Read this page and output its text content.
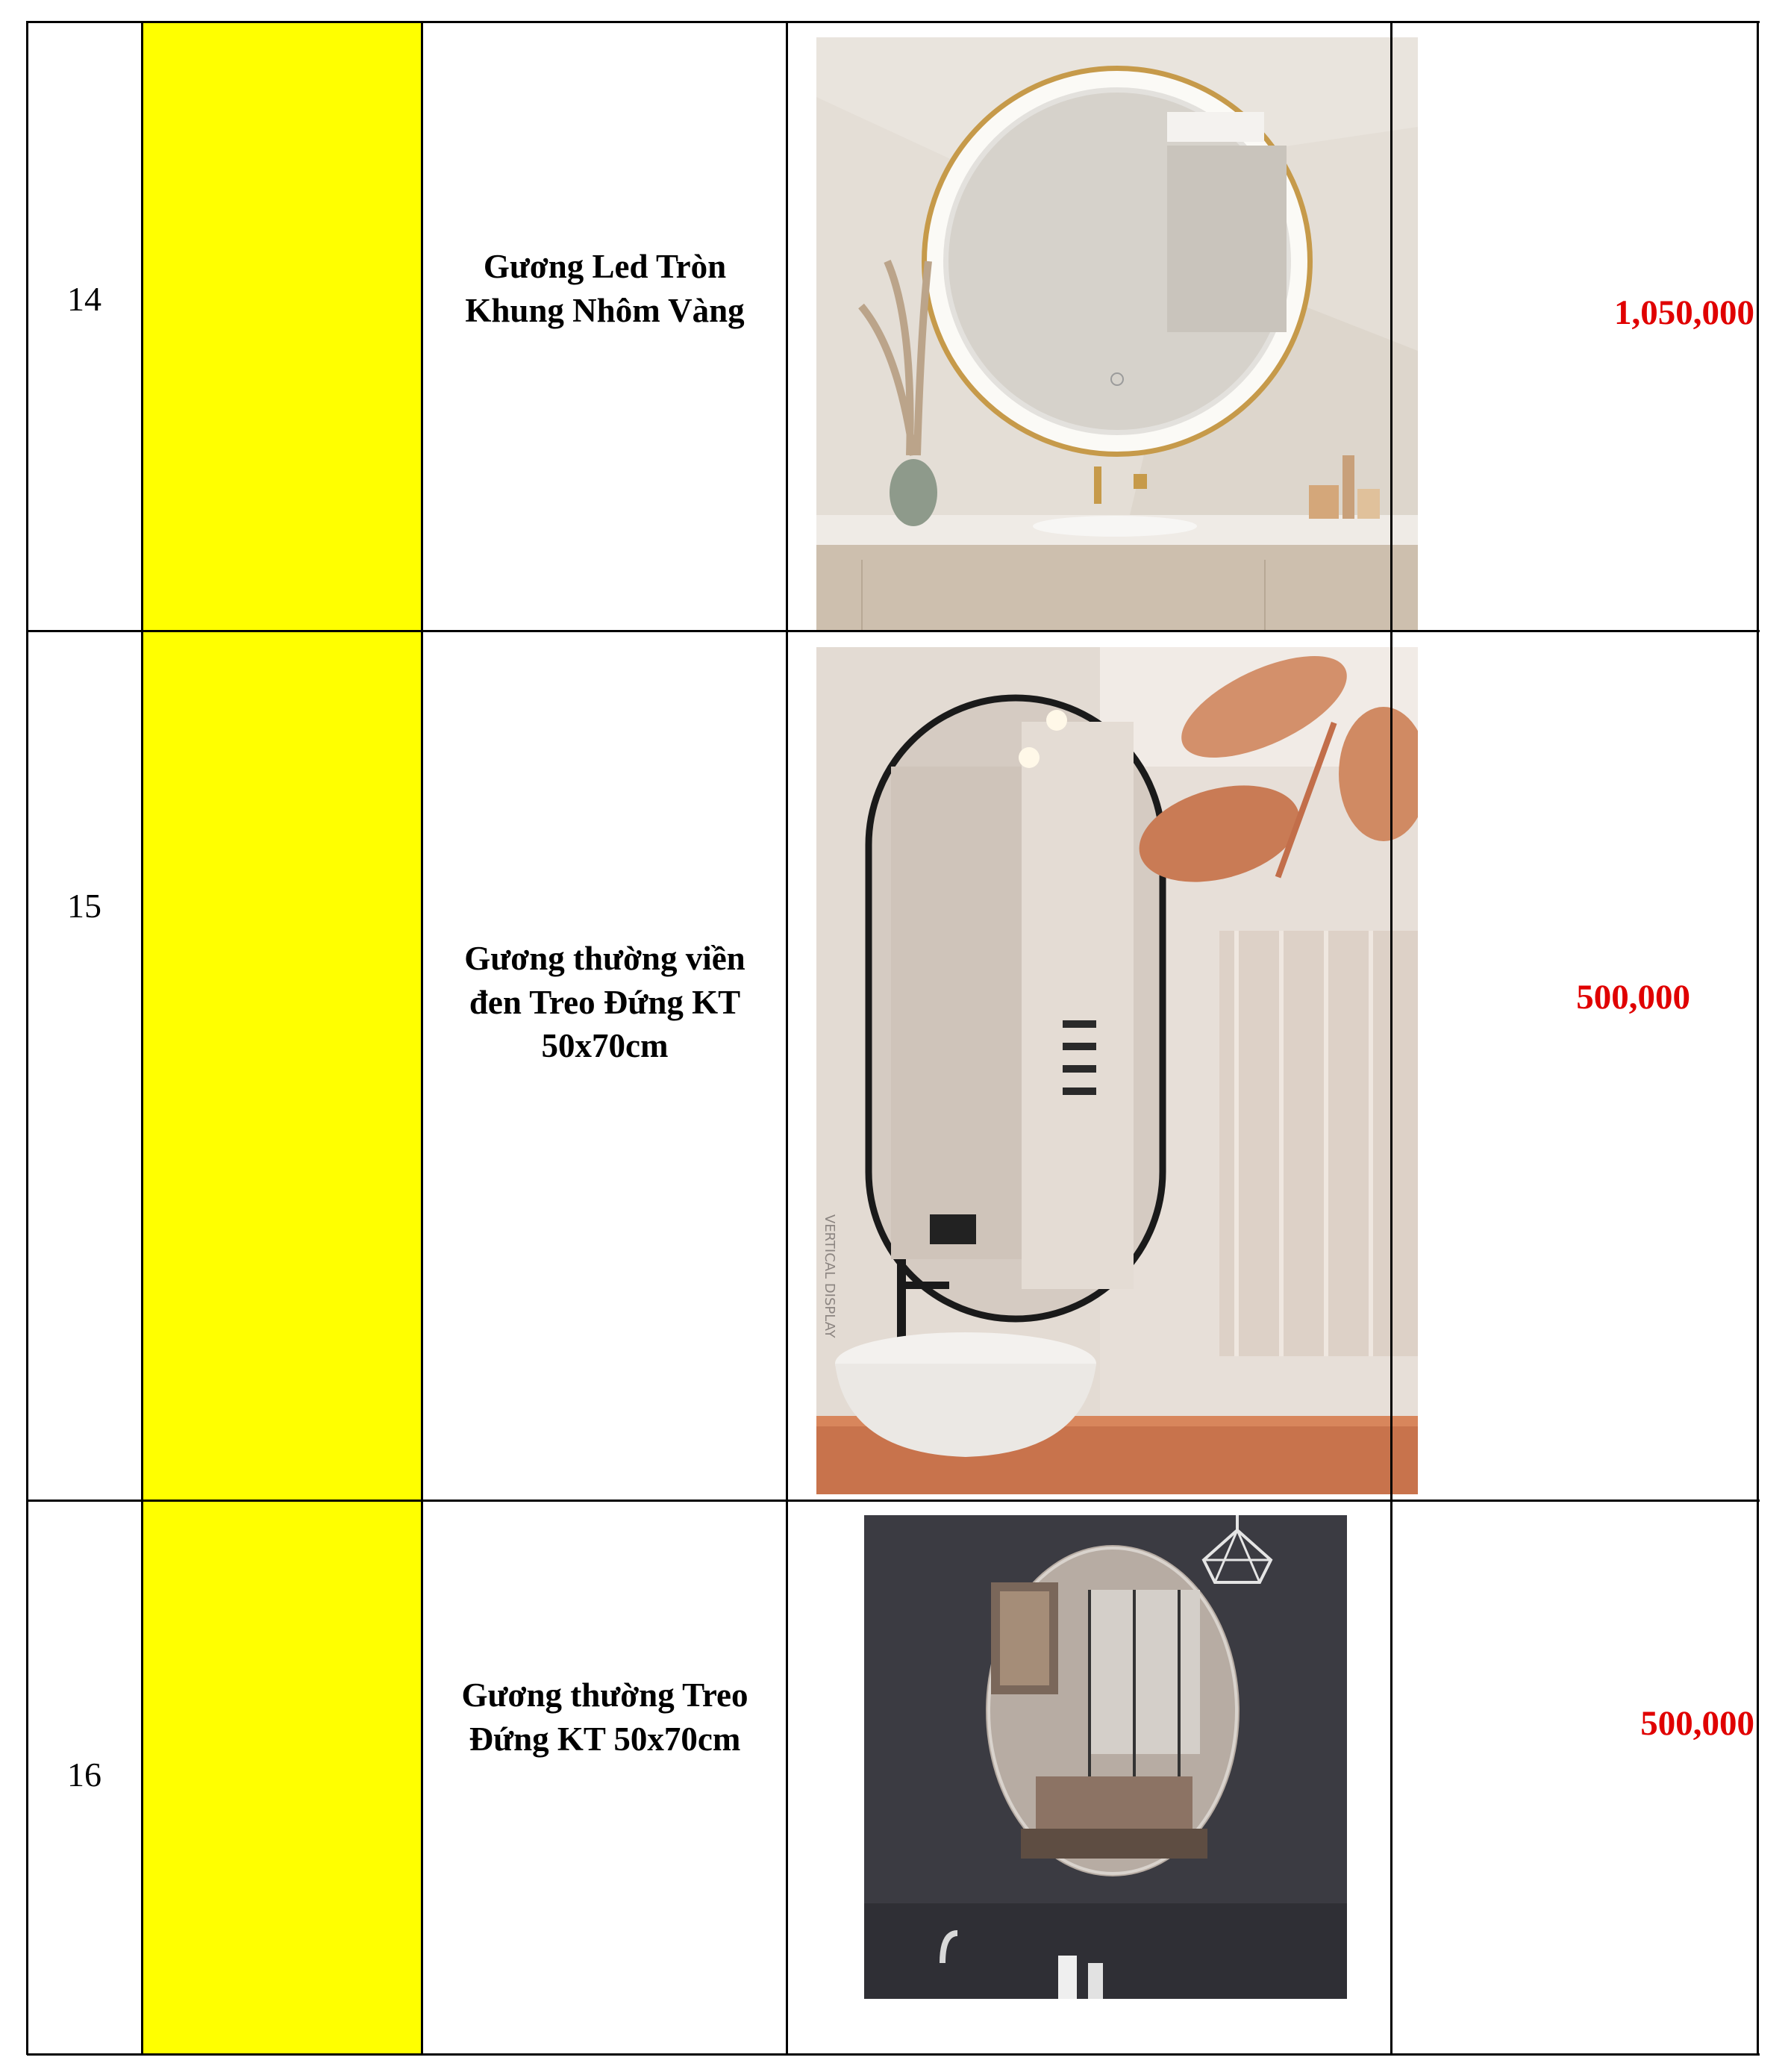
14
Gương Led Tròn Khung Nhôm Vàng	1,050,000
15
Gương thường viền đen Treo Đứng KT 50x70cm
VERTICAL DISPLAY
500,000
16
Gương thường Treo Đứng KT 50x70cm	500,000
